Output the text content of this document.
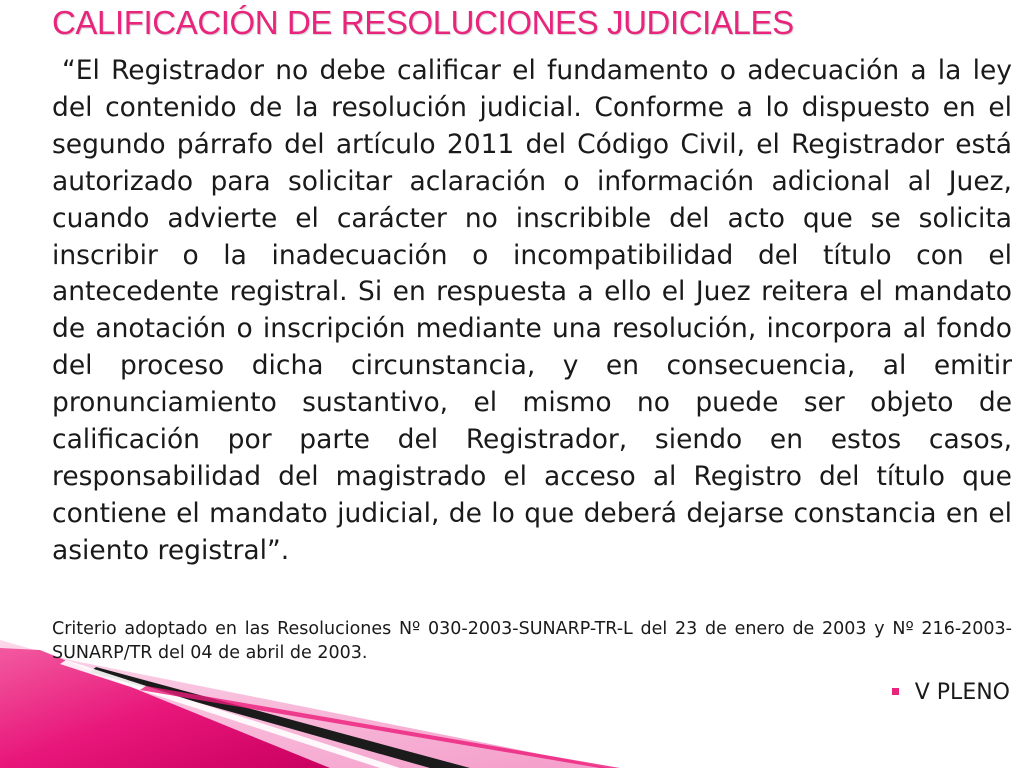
CALIFICACIÓN DE RESOLUCIONES JUDICIALES

“El Registrador no debe calificar el fundamento o adecuación a la ley del contenido de la resolución judicial. Conforme a lo dispuesto en el segundo párrafo del artículo 2011 del Código Civil, el Registrador está autorizado para solicitar aclaración o información adicional al Juez, cuando advierte el carácter no inscribible del acto que se solicita inscribir o la inadecuación o incompatibilidad del título con el antecedente registral. Si en respuesta a ello el Juez reitera el mandato de anotación o inscripción mediante una resolución, incorpora al fondo del proceso dicha circunstancia, y en consecuencia, al emitir pronunciamiento sustantivo, el mismo no puede ser objeto de calificación por parte del Registrador, siendo en estos casos, responsabilidad del magistrado el acceso al Registro del título que contiene el mandato judicial, de lo que deberá dejarse constancia en el asiento registral”.

Criterio adoptado en las Resoluciones Nº 030-2003-SUNARP-TR-L del 23 de enero de 2003 y Nº 216-2003-SUNARP/TR del 04 de abril de 2003.

V PLENO
